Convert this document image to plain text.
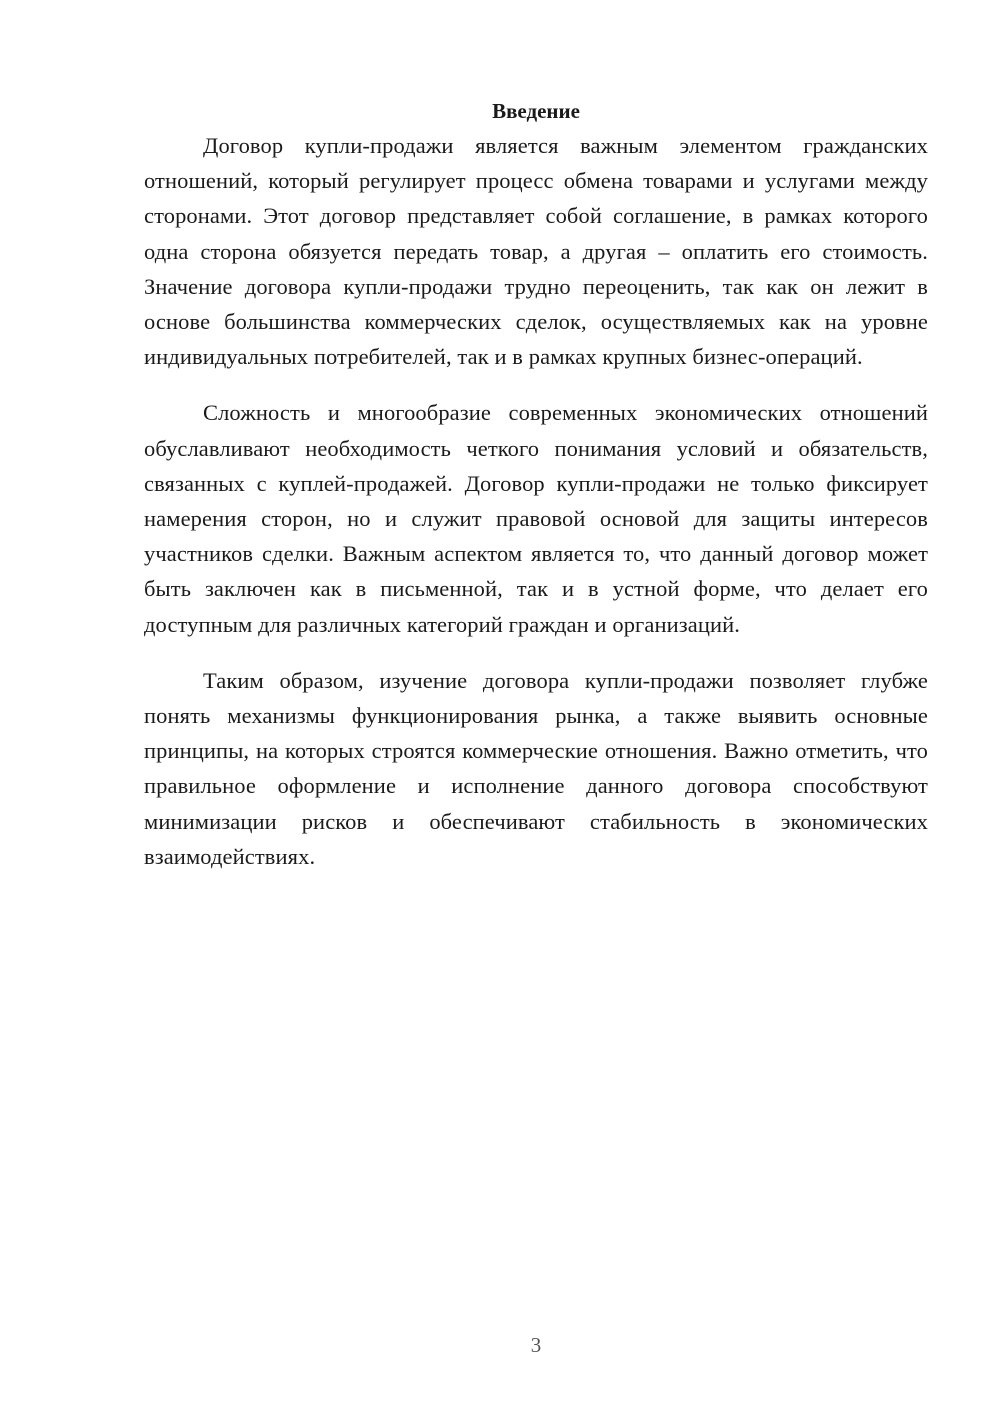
Введение

Договор купли-продажи является важным элементом гражданских отношений, который регулирует процесс обмена товарами и услугами между сторонами. Этот договор представляет собой соглашение, в рамках которого одна сторона обязуется передать товар, а другая – оплатить его стоимость. Значение договора купли-продажи трудно переоценить, так как он лежит в основе большинства коммерческих сделок, осуществляемых как на уровне индивидуальных потребителей, так и в рамках крупных бизнес-операций.

Сложность и многообразие современных экономических отношений обуславливают необходимость четкого понимания условий и обязательств, связанных с куплей-продажей. Договор купли-продажи не только фиксирует намерения сторон, но и служит правовой основой для защиты интересов участников сделки. Важным аспектом является то, что данный договор может быть заключен как в письменной, так и в устной форме, что делает его доступным для различных категорий граждан и организаций.

Таким образом, изучение договора купли-продажи позволяет глубже понять механизмы функционирования рынка, а также выявить основные принципы, на которых строятся коммерческие отношения. Важно отметить, что правильное оформление и исполнение данного договора способствуют минимизации рисков и обеспечивают стабильность в экономических взаимодействиях.

3
